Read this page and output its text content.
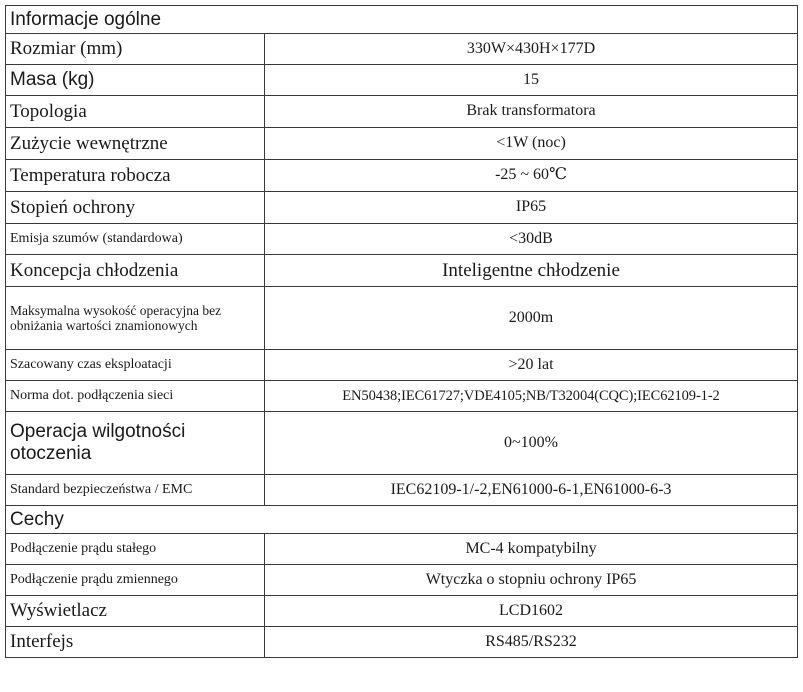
Informacje ogólne	
Rozmiar (mm)	330W×430H×177D
Masa (kg)	15
Topologia	Brak transformatora
Zużycie wewnętrzne	<1W (noc)
Temperatura robocza	-25 ~ 60℃
Stopień ochrony	IP65
Emisja szumów (standardowa)	<30dB
Koncepcja chłodzenia	Inteligentne chłodzenie
Maksymalna wysokość operacyjna bez obniżania wartości znamionowych	2000m
Szacowany czas eksploatacji	>20 lat
Norma dot. podłączenia sieci	EN50438;IEC61727;VDE4105;NB/T32004(CQC);IEC62109-1-2
Operacja wilgotności otoczenia	0~100%
Standard bezpieczeństwa / EMC	IEC62109-1/-2,EN61000-6-1,EN61000-6-3
Cechy	
Podłączenie prądu stałego	MC-4 kompatybilny
Podłączenie prądu zmiennego	Wtyczka o stopniu ochrony IP65
Wyświetlacz	LCD1602
Interfejs	RS485/RS232
